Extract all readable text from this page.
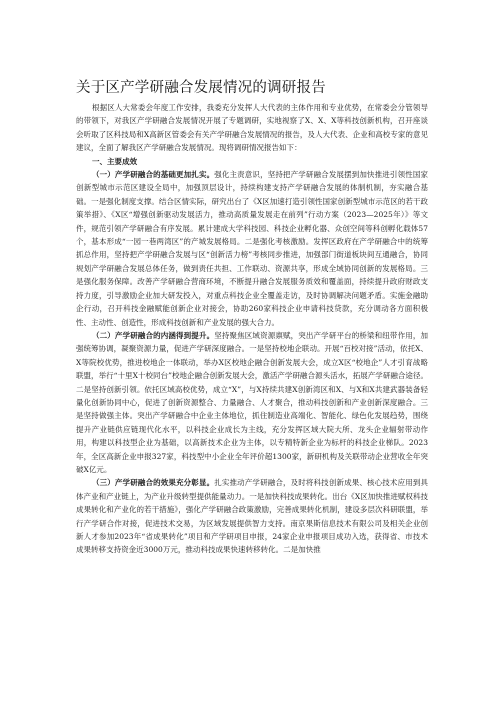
关于区产学研融合发展情况的调研报告

根据区人大常委会年度工作安排，我委充分发挥人大代表的主体作用和专业优势，在常委会分管领导的带领下，对我区产学研融合发展情况开展了专题调研，实地视察了X、X、X等科技创新机构，召开座谈会听取了区科技局和X高新区管委会有关产学研融合发展情况的报告，及人大代表、企业和高校专家的意见建议，全面了解我区产学研融合发展情况。现将调研情况报告如下：

一、主要成效

（一）产学研融合的基础更加扎实。强化主责意识，坚持把产学研融合发展摆到加快推进引领性国家创新型城市示范区建设全局中，加强顶层设计，持续构建支持产学研融合发展的体制机制，夯实融合基础。一是强化制度支撑。结合区情实际，研究出台了《X区加速打造引领性国家创新型城市示范区的若干政策举措》、《X区“增强创新驱动发展活力，推动高质量发展走在前列”行动方案（2023—2025年）》等文件，规范引领产学研融合有序发展。累计建成大学科技园、科技企业孵化器、众创空间等科创孵化载体57个，基本形成“一园一巷两湾区”的产城发展格局。二是强化考核激励。发挥区政府在产学研融合中的统筹抓总作用，坚持把产学研融合发展与区“创新活力榜”考核同步推进，加强部门街道板块间互通融合，协同规划产学研融合发展总体任务，做到责任共担、工作联动、资源共享，形成全域协同创新的发展格局。三是强化服务保障。改善产学研融合营商环境，不断提升融合发展服务质效和覆盖面，持续提升政府财政支持力度，引导激励企业加大研发投入，对重点科技企业全覆盖走访，及时协调解决问题矛盾。实施金融助企行动，召开科技金融赋能创新企业对接会，协助260家科技企业申请科技贷款，充分调动各方面积极性、主动性、创造性，形成科技创新和产业发展的强大合力。

（二）产学研融合的内涵得到提升。坚持聚焦区域资源禀赋，突出产学研平台的桥梁和纽带作用，加强统筹协调，凝聚资源力量，促进产学研深度融合。一是坚持校地企联动。开展“百校对接”活动，依托X、X等院校优势，推进校地企一体联动，举办X区校地企融合创新发展大会，成立X区“校地企”人才引育战略联盟，举行“十里X十校同台”校地企融合创新发展大会，激活产学研融合源头活水，拓展产学研融合途径。二是坚持创新引领。依托区域高校优势，成立“X”，与X持续共建X创新湾区和X、与X和X共建武器装备轻量化创新协同中心，促进了创新资源整合、力量融合、人才聚合，推动科技创新和产业创新深度融合。三是坚持做强主体。突出产学研融合中企业主体地位，抓住制造业高端化、智能化、绿色化发展趋势，围绕提升产业链供应链现代化水平，以科技企业成长为主线，充分发挥区域大院大所、龙头企业辐射带动作用，构建以科技型企业为基础，以高新技术企业为主体，以专精特新企业为标杆的科技企业梯队。2023年，全区高新企业申报327家，科技型中小企业全年评价超1300家，新研机构及关联带动企业营收全年突破X亿元。

（三）产学研融合的效果充分彰显。扎实推动产学研融合，及时将科技创新成果、核心技术应用到具体产业和产业链上，为产业升级转型提供能量动力。一是加快科技成果转化。出台《X区加快推进赋权科技成果转化和产业化的若干措施》，强化产学研融合政策激励，完善成果转化机制，建设多层次科研联盟，举行产学研合作对接，促进技术交易，为区域发展提供智力支持。南京果斯信息技术有限公司及相关企业创新人才参加2023年“省成果转化”项目和产学研项目申报，24家企业申报项目成功入选，获得省、市技术成果转移支持资金近3000万元，推动科技成果快速转移转化。二是加快推
